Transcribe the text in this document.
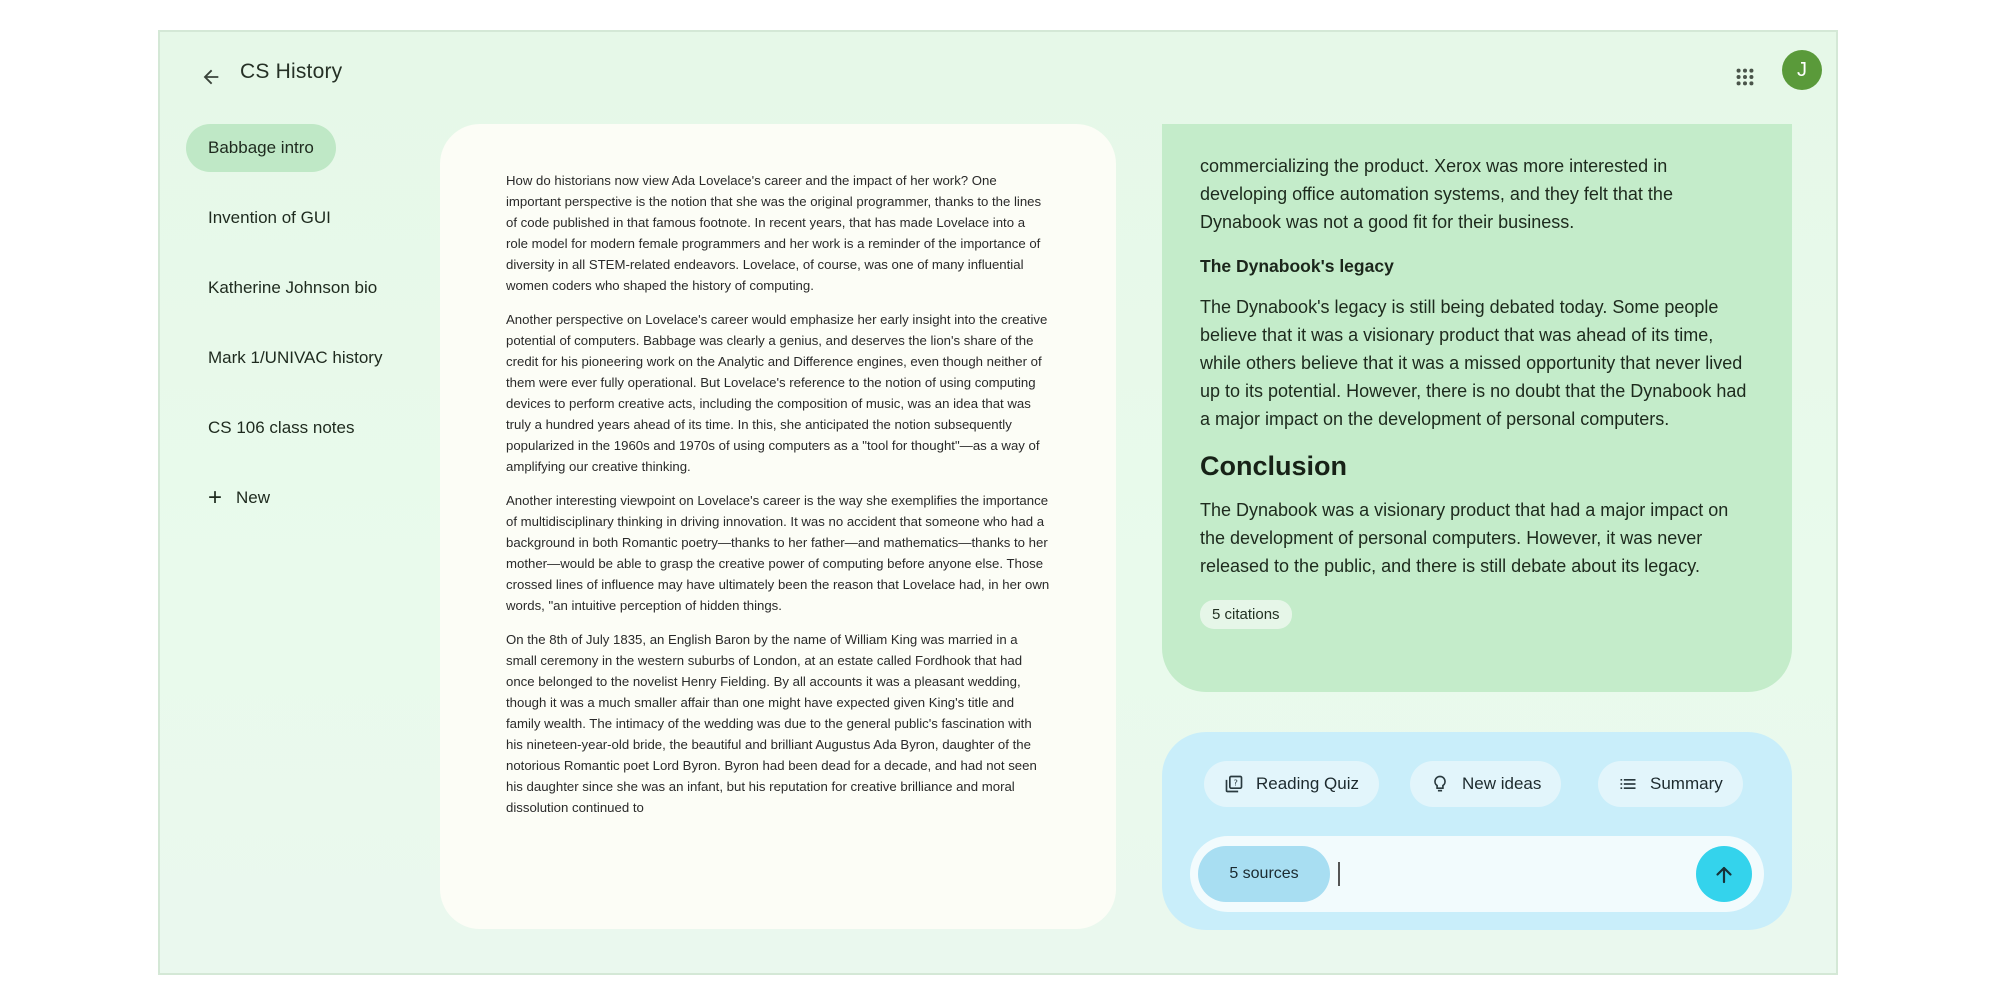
CS History	J
Babbage intro
Invention of GUI
Katherine Johnson bio
Mark 1/UNIVAC history
CS 106 class notes
+ New

How do historians now view Ada Lovelace's career and the impact of her work? One important perspective is the notion that she was the original programmer, thanks to the lines of code published in that famous footnote. In recent years, that has made Lovelace into a role model for modern female programmers and her work is a reminder of the importance of diversity in all STEM-related endeavors. Lovelace, of course, was one of many influential women coders who shaped the history of computing.

Another perspective on Lovelace's career would emphasize her early insight into the creative potential of computers. Babbage was clearly a genius, and deserves the lion's share of the credit for his pioneering work on the Analytic and Difference engines, even though neither of them were ever fully operational. But Lovelace's reference to the notion of using computing devices to perform creative acts, including the composition of music, was an idea that was truly a hundred years ahead of its time. In this, she anticipated the notion subsequently popularized in the 1960s and 1970s of using computers as a "tool for thought"—as a way of amplifying our creative thinking.

Another interesting viewpoint on Lovelace's career is the way she exemplifies the importance of multidisciplinary thinking in driving innovation. It was no accident that someone who had a background in both Romantic poetry—thanks to her father—and mathematics—thanks to her mother—would be able to grasp the creative power of computing before anyone else. Those crossed lines of influence may have ultimately been the reason that Lovelace had, in her own words, "an intuitive perception of hidden things.

On the 8th of July 1835, an English Baron by the name of William King was married in a small ceremony in the western suburbs of London, at an estate called Fordhook that had once belonged to the novelist Henry Fielding. By all accounts it was a pleasant wedding, though it was a much smaller affair than one might have expected given King's title and family wealth. The intimacy of the wedding was due to the general public's fascination with his nineteen-year-old bride, the beautiful and brilliant Augustus Ada Byron, daughter of the notorious Romantic poet Lord Byron. Byron had been dead for a decade, and had not seen his daughter since she was an infant, but his reputation for creative brilliance and moral dissolution continued to

commercializing the product. Xerox was more interested in developing office automation systems, and they felt that the Dynabook was not a good fit for their business.

The Dynabook's legacy

The Dynabook's legacy is still being debated today. Some people believe that it was a visionary product that was ahead of its time, while others believe that it was a missed opportunity that never lived up to its potential. However, there is no doubt that the Dynabook had a major impact on the development of personal computers.

Conclusion

The Dynabook was a visionary product that had a major impact on the development of personal computers. However, it was never released to the public, and there is still debate about its legacy.

5 citations
? Reading Quiz	New ideas	Summary
5 sources
